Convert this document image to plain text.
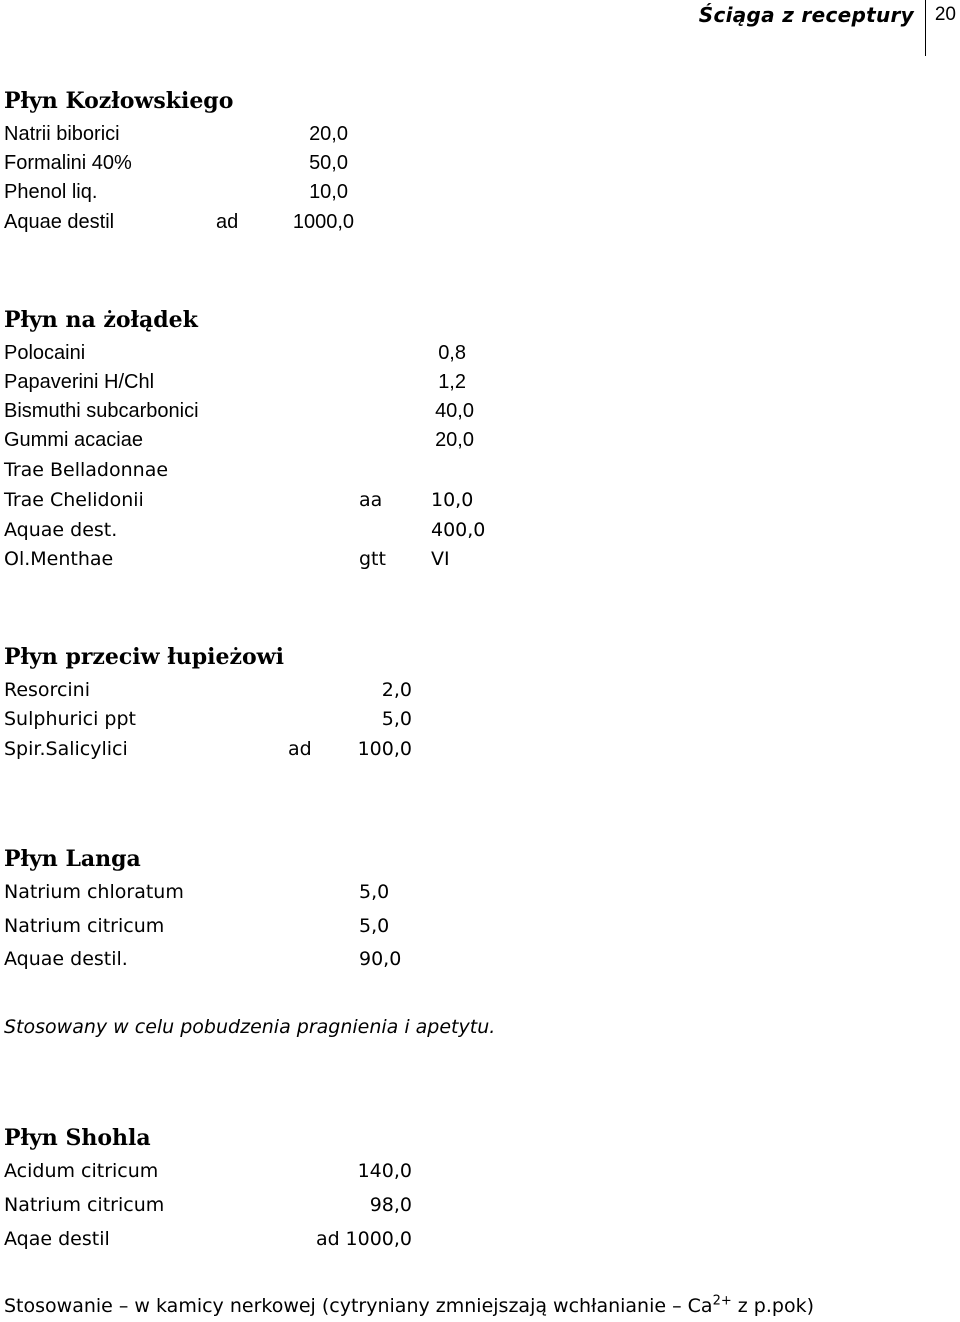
Ściąga z receptury 20
Płyn Kozłowskiego
Natrii biborici	20,0
Formalini 40%	50,0
Phenol liq.	10,0
Aquae destil	ad	1000,0
Płyn na żołądek
Polocaini	0,8
Papaverini H/Chl	1,2
Bismuthi subcarbonici	40,0
Gummi acaciae	20,0
Trae Belladonnae
Trae Chelidonii	aa	10,0
Aquae dest.	400,0
Ol.Menthae	gtt VI
Płyn przeciw łupieżowi
Resorcini	2,0
Sulphurici ppt	5,0
Spir.Salicylici	ad	100,0
Płyn Langa
Natrium chloratum	5,0
Natrium citricum	5,0
Aquae destil.	90,0
Stosowany w celu pobudzenia pragnienia i apetytu.
Płyn Shohla
Acidum citricum	140,0
Natrium citricum	98,0
Aqae destil	ad 1000,0
Stosowanie – w kamicy nerkowej (cytryniany zmniejszają wchłanianie – $Ca^{2+}$ z p.pok)
